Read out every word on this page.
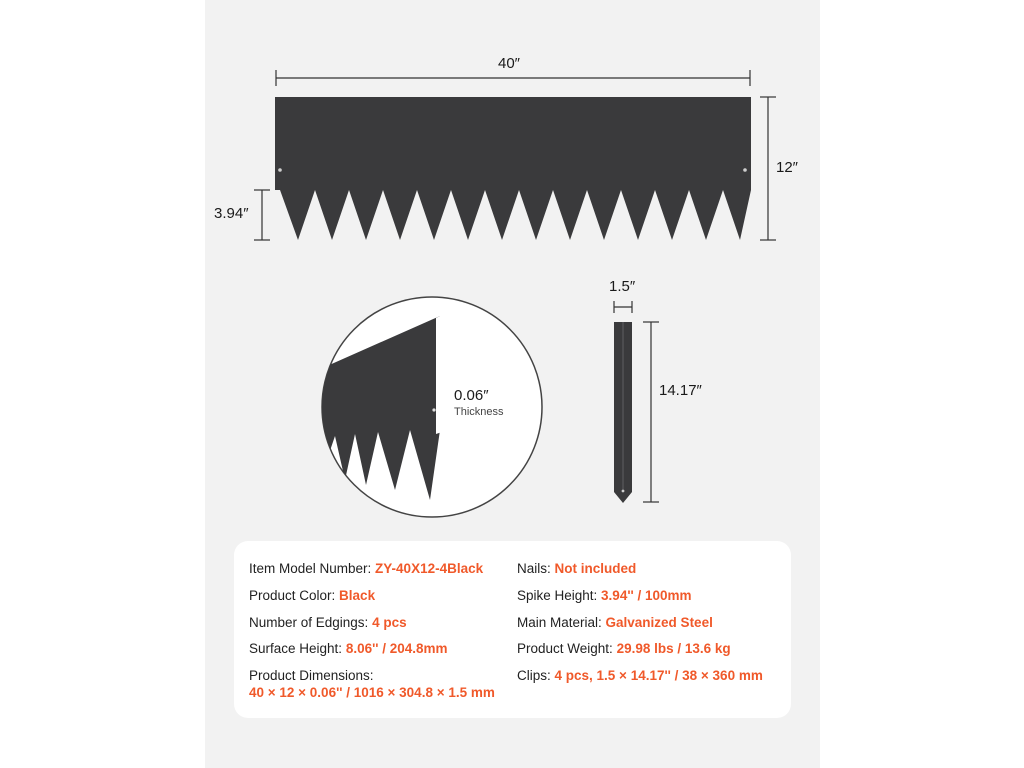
40″
12″
3.94″
0.06″
Thickness
1.5″
14.17″
Item Model Number: ZY-40X12-4Black
Product Color: Black
Number of Edgings: 4 pcs
Surface Height: 8.06'' / 204.8mm
Product Dimensions:
40 × 12 × 0.06'' / 1016 × 304.8 × 1.5 mm
Nails: Not included
Spike Height: 3.94'' / 100mm
Main Material: Galvanized Steel
Product Weight: 29.98 lbs / 13.6 kg
Clips: 4 pcs, 1.5 × 14.17'' / 38 × 360 mm
